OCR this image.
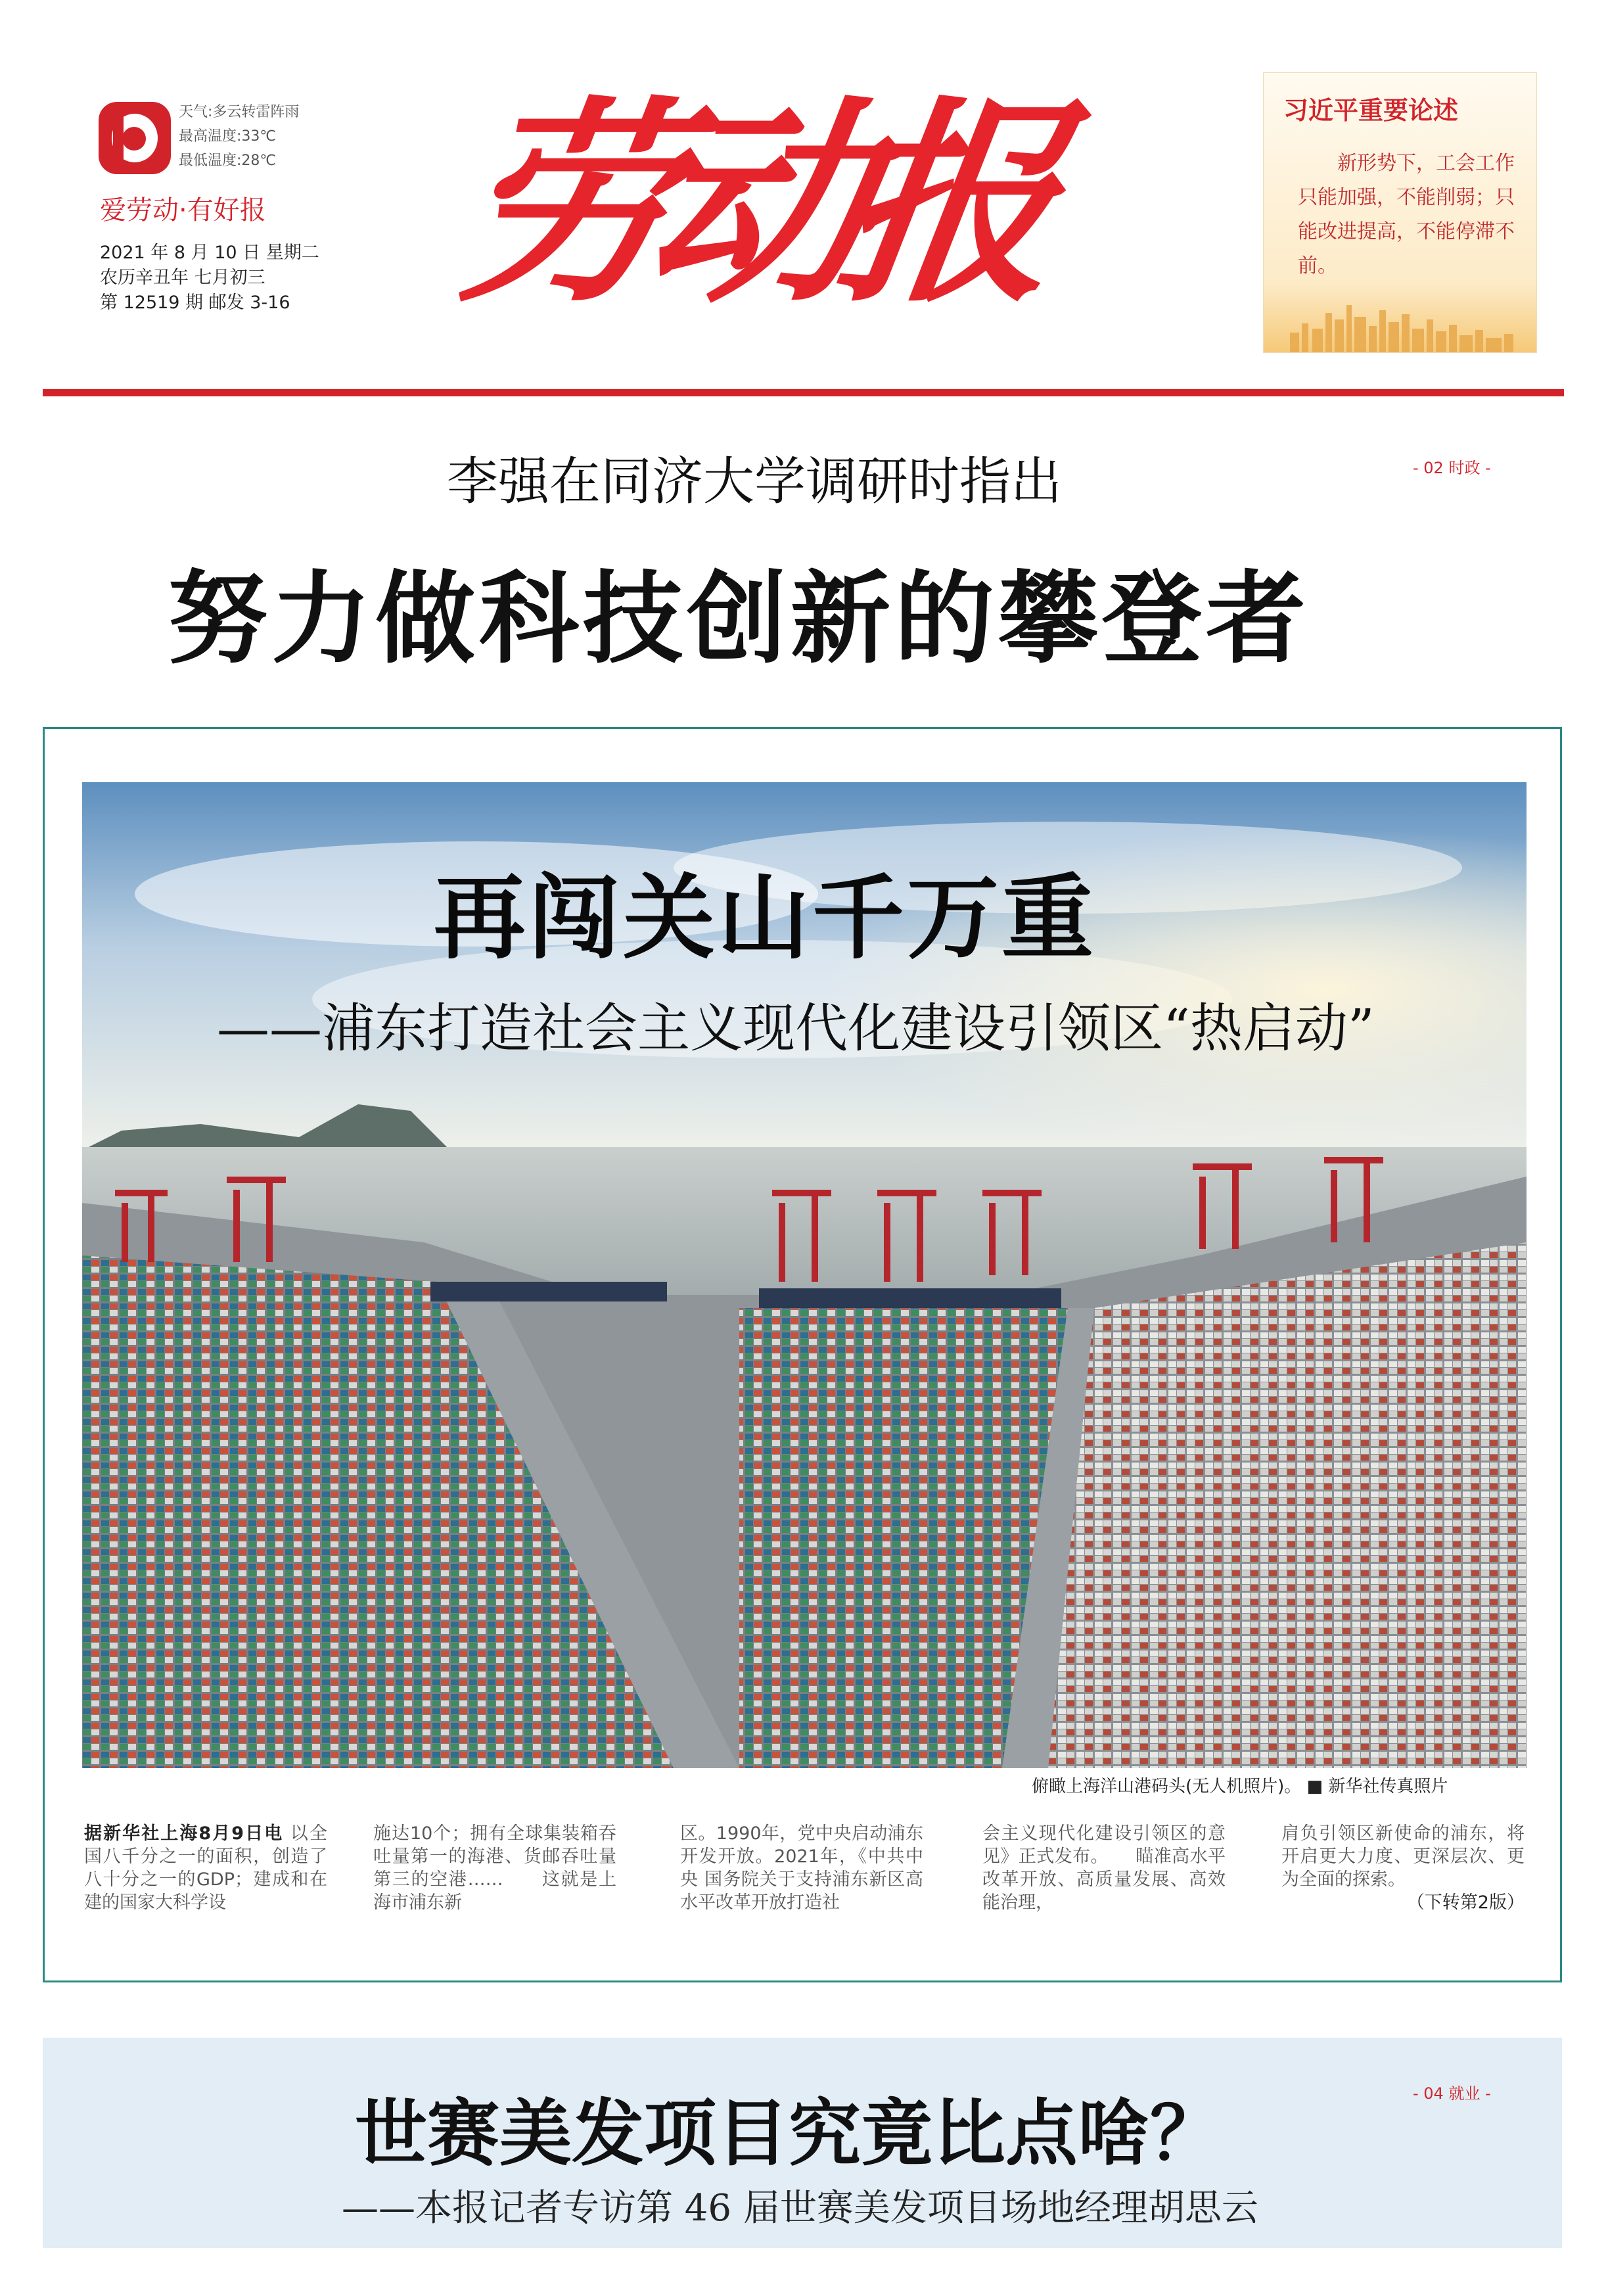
天气:多云转雷阵雨
最高温度:33℃
最低温度:28℃
爱劳动·有好报
2021 年 8 月 10 日 星期二
农历辛丑年 七月初三
第 12519 期 邮发 3-16 劳动报	习近平重要论述
新形势下，工会工作只能加强，不能削弱；只能改进提高，不能停滞不前。
李强在同济大学调研时指出	- 02 时政 -
努力做科技创新的攀登者
再闯关山千万重
——浦东打造社会主义现代化建设引领区“热启动”
俯瞰上海洋山港码头(无人机照片)。 ■ 新华社传真照片
据新华社上海8月9日电 以全国八千分之一的面积，创造了八十分之一的GDP；建成和在建的国家大科学设
施达10个；拥有全球集装箱吞吐量第一的海港、货邮吞吐量第三的空港……　　这就是上海市浦东新
区。1990年，党中央启动浦东开发开放。2021年，《中共中央 国务院关于支持浦东新区高水平改革开放打造社
会主义现代化建设引领区的意见》正式发布。　　瞄准高水平改革开放、高质量发展、高效能治理，
肩负引领区新使命的浦东，将开启更大力度、更深层次、更为全面的探索。
（下转第2版）
世赛美发项目究竟比点啥？	- 04 就业 -
——本报记者专访第 46 届世赛美发项目场地经理胡思云
